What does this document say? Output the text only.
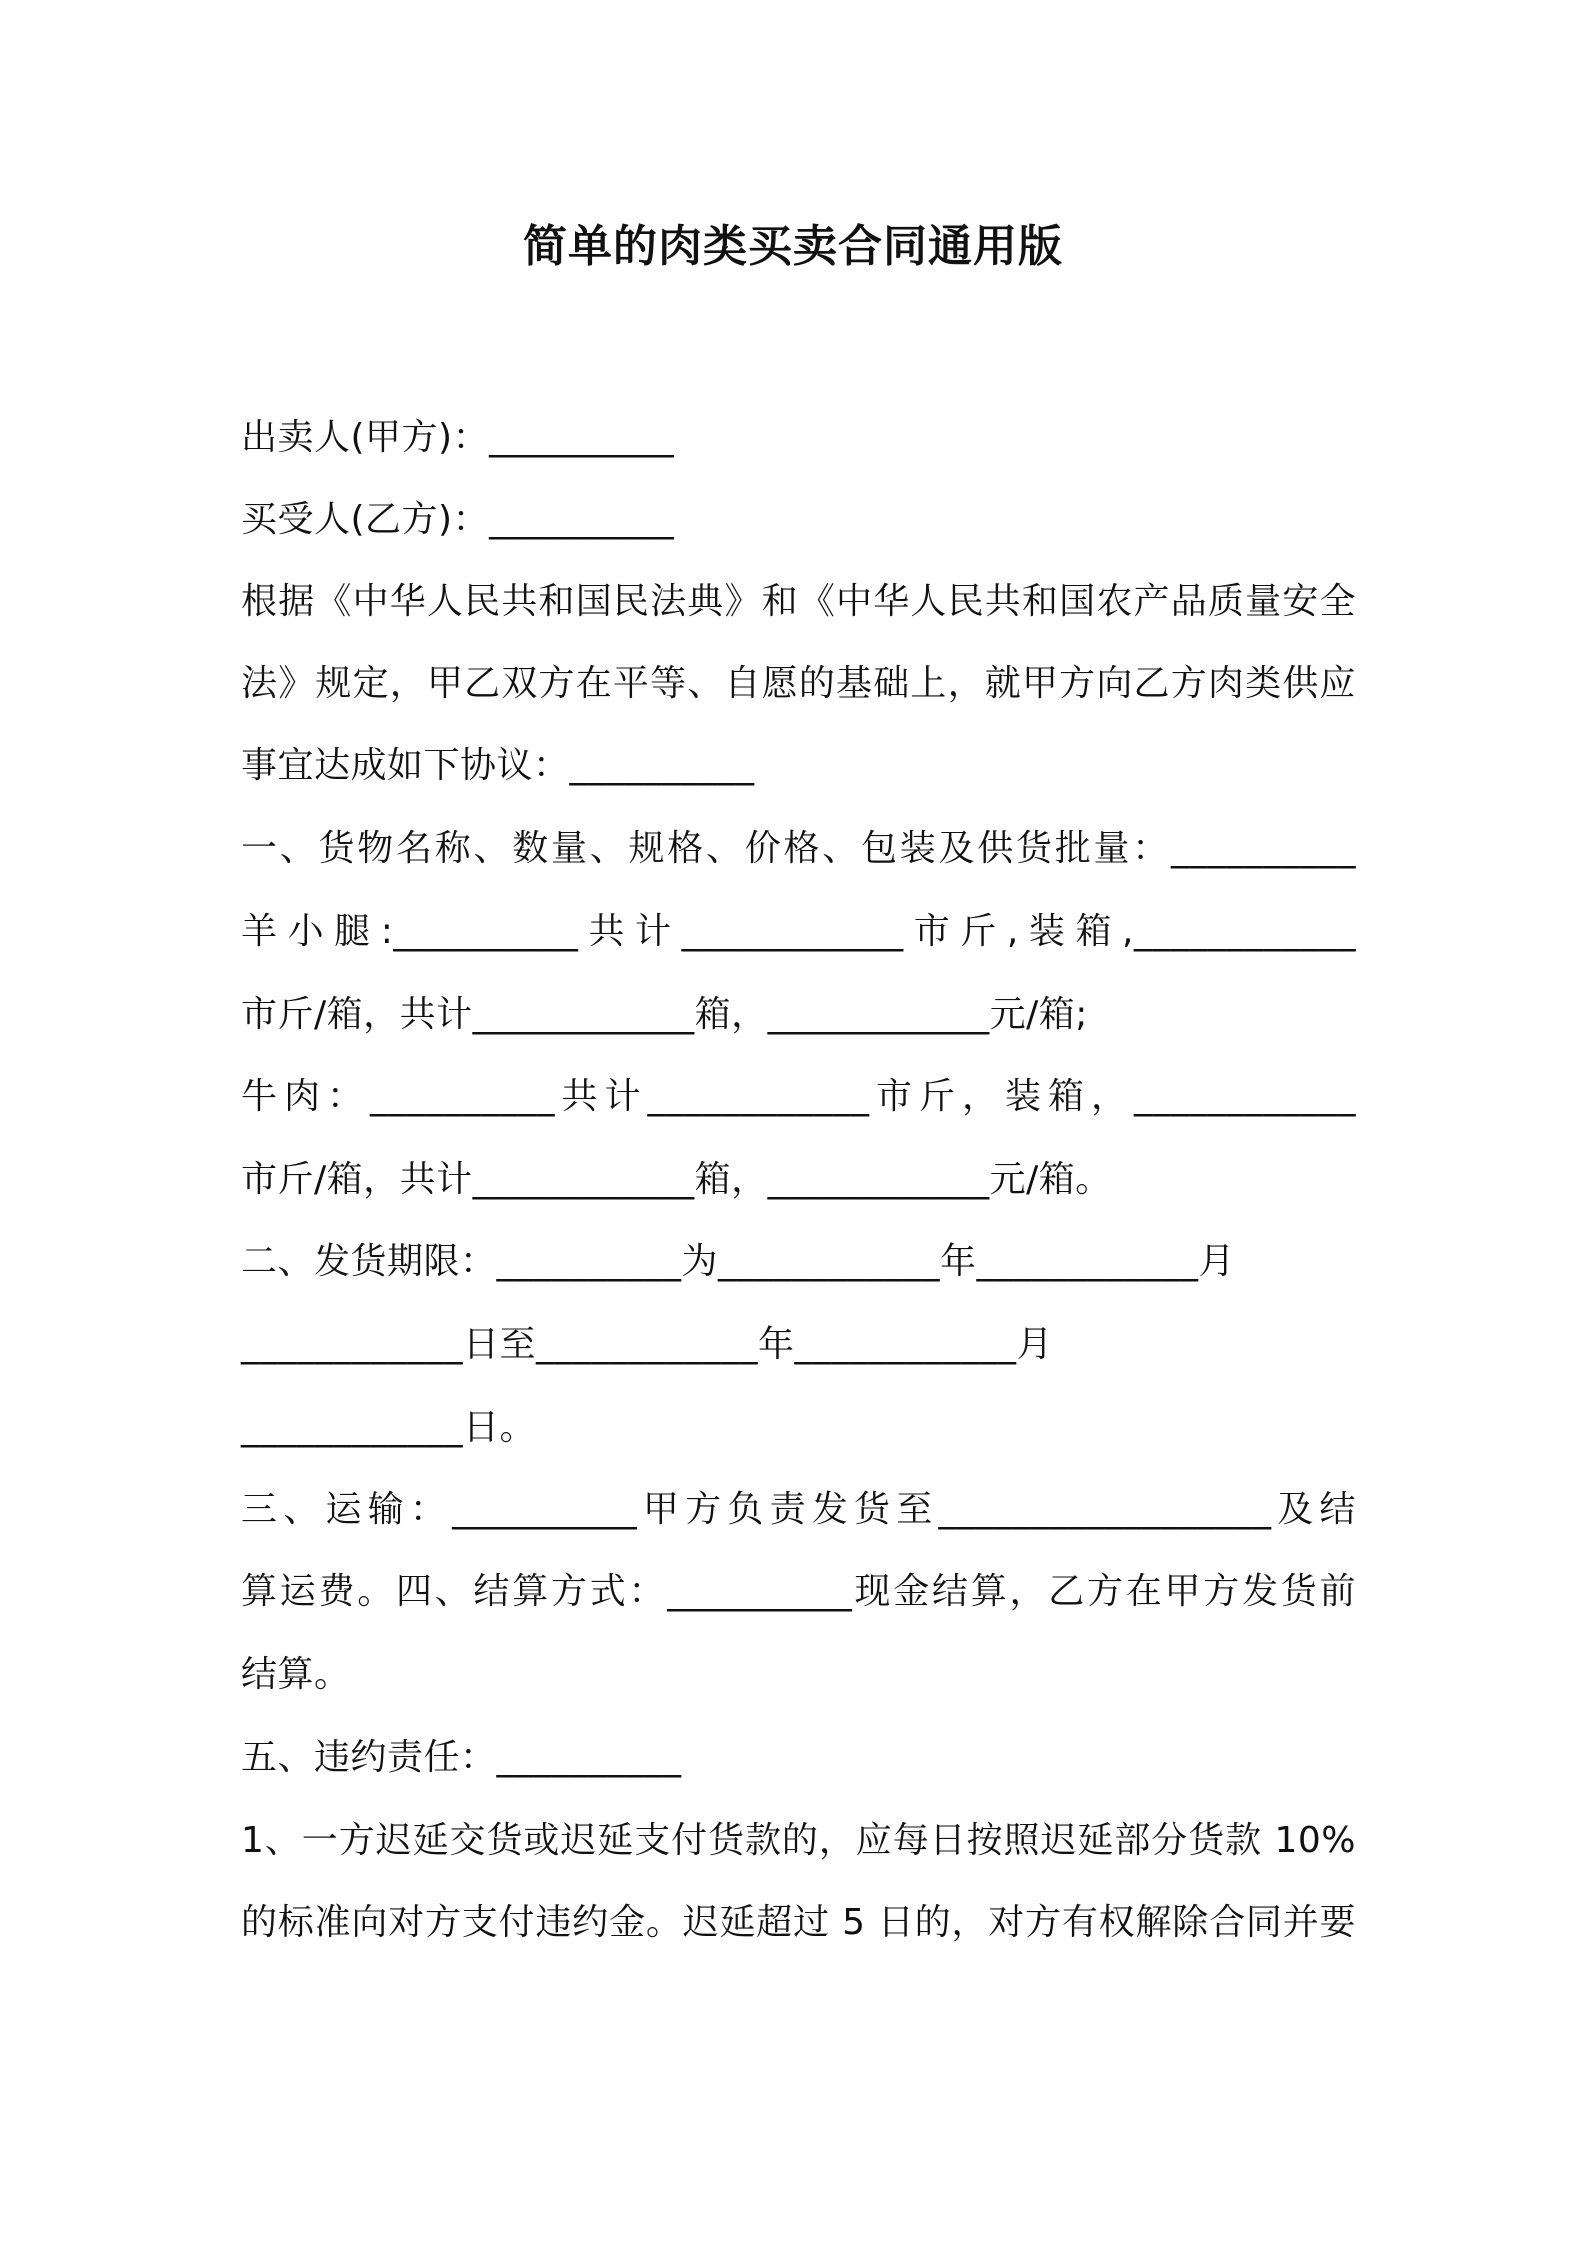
简单的肉类买卖合同通用版
出卖人(甲方)：__________
买受人(乙方)：__________
根据《中华人民共和国民法典》和《中华人民共和国农产品质量安全
法》规定，甲乙双方在平等、自愿的基础上，就甲方向乙方肉类供应
事宜达成如下协议：__________
一、货物名称、数量、规格、价格、包装及供货批量：__________
羊小腿:__________共计____________市斤,装箱,____________
市斤/箱，共计____________箱，____________元/箱;
牛肉：__________共计____________市斤，装箱，____________
市斤/箱，共计____________箱，____________元/箱。
二、发货期限：__________为____________年____________月
____________日至____________年____________月
____________日。
三、运输：__________甲方负责发货至__________________及结
算运费。四、结算方式：__________现金结算，乙方在甲方发货前
结算。
五、违约责任：__________
1、一方迟延交货或迟延支付货款的，应每日按照迟延部分货款 10%
的标准向对方支付违约金。迟延超过 5 日的，对方有权解除合同并要
